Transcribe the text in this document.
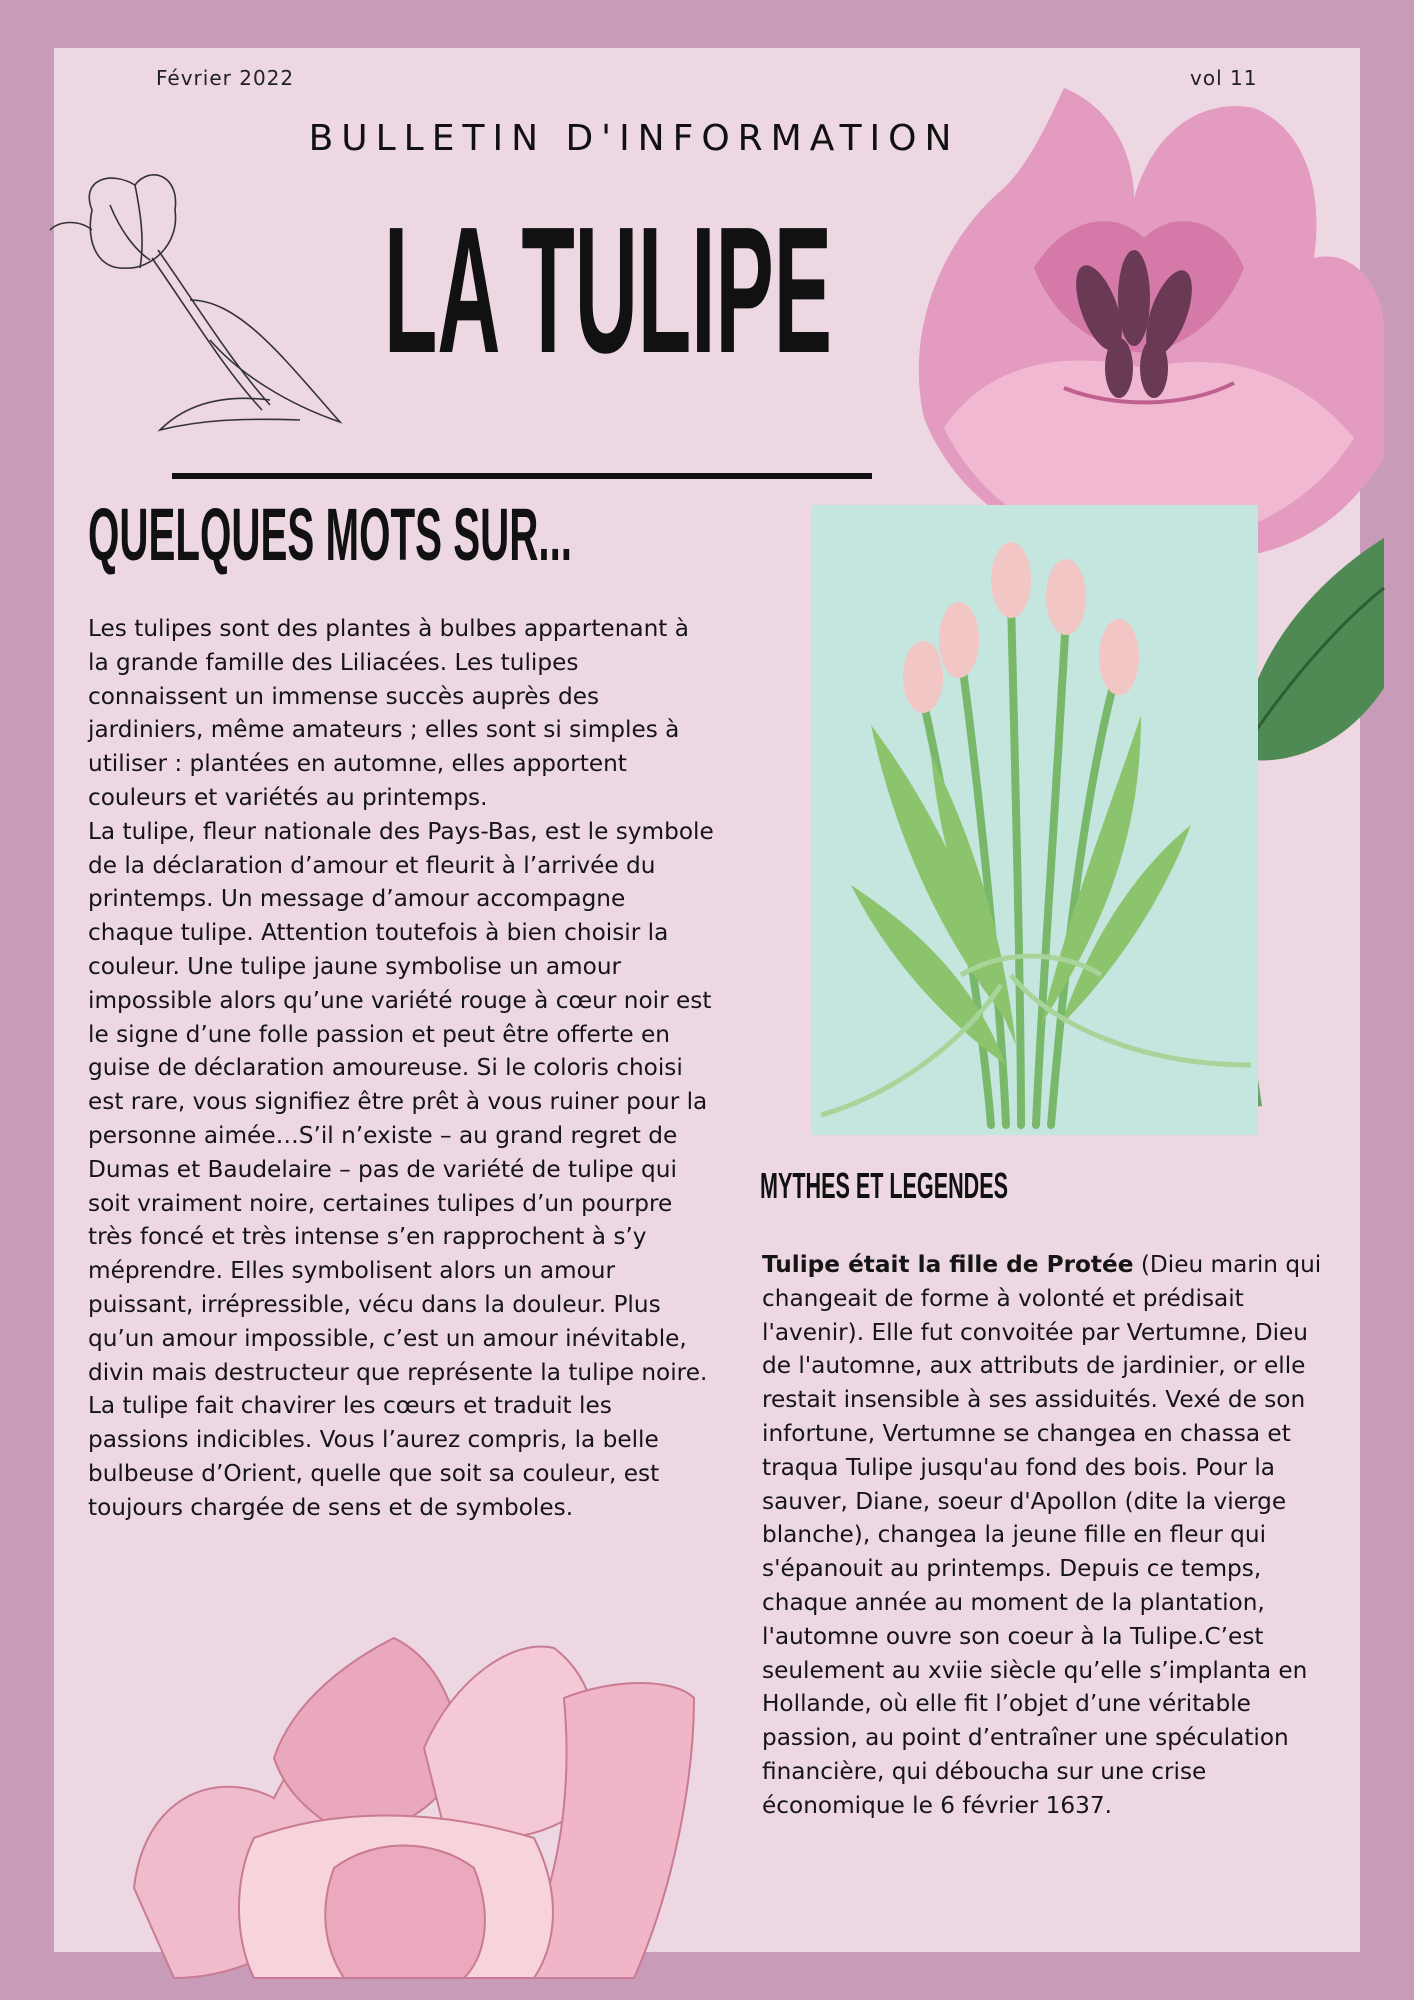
Février 2022	vol 11
BULLETIN D'INFORMATION
LA TULIPE
QUELQUES MOTS SUR...

Les tulipes sont des plantes à bulbes appartenant à la grande famille des Liliacées. Les tulipes connaissent un immense succès auprès des jardiniers, même amateurs ; elles sont si simples à utiliser : plantées en automne, elles apportent couleurs et variétés au printemps.

La tulipe, fleur nationale des Pays-Bas, est le symbole de la déclaration d’amour et fleurit à l’arrivée du printemps. Un message d’amour accompagne chaque tulipe. Attention toutefois à bien choisir la couleur. Une tulipe jaune symbolise un amour impossible alors qu’une variété rouge à cœur noir est le signe d’une folle passion et peut être offerte en guise de déclaration amoureuse. Si le coloris choisi est rare, vous signifiez être prêt à vous ruiner pour la personne aimée…S’il n’existe – au grand regret de Dumas et Baudelaire – pas de variété de tulipe qui soit vraiment noire, certaines tulipes d’un pourpre très foncé et très intense s’en rapprochent à s’y méprendre. Elles symbolisent alors un amour puissant, irrépressible, vécu dans la douleur. Plus qu’un amour impossible, c’est un amour inévitable, divin mais destructeur que représente la tulipe noire. La tulipe fait chavirer les cœurs et traduit les passions indicibles. Vous l’aurez compris, la belle bulbeuse d’Orient, quelle que soit sa couleur, est toujours chargée de sens et de symboles.

MYTHES ET LEGENDES

Tulipe était la fille de Protée (Dieu marin qui changeait de forme à volonté et prédisait l'avenir). Elle fut convoitée par Vertumne, Dieu de l'automne, aux attributs de jardinier, or elle restait insensible à ses assiduités. Vexé de son infortune, Vertumne se changea en chassa et traqua Tulipe jusqu'au fond des bois. Pour la sauver, Diane, soeur d'Apollon (dite la vierge blanche), changea la jeune fille en fleur qui s'épanouit au printemps. Depuis ce temps, chaque année au moment de la plantation, l'automne ouvre son coeur à la Tulipe.C’est seulement au xviie siècle qu’elle s’implanta en Hollande, où elle fit l’objet d’une véritable passion, au point d’entraîner une spéculation financière, qui déboucha sur une crise économique le 6 février 1637.
